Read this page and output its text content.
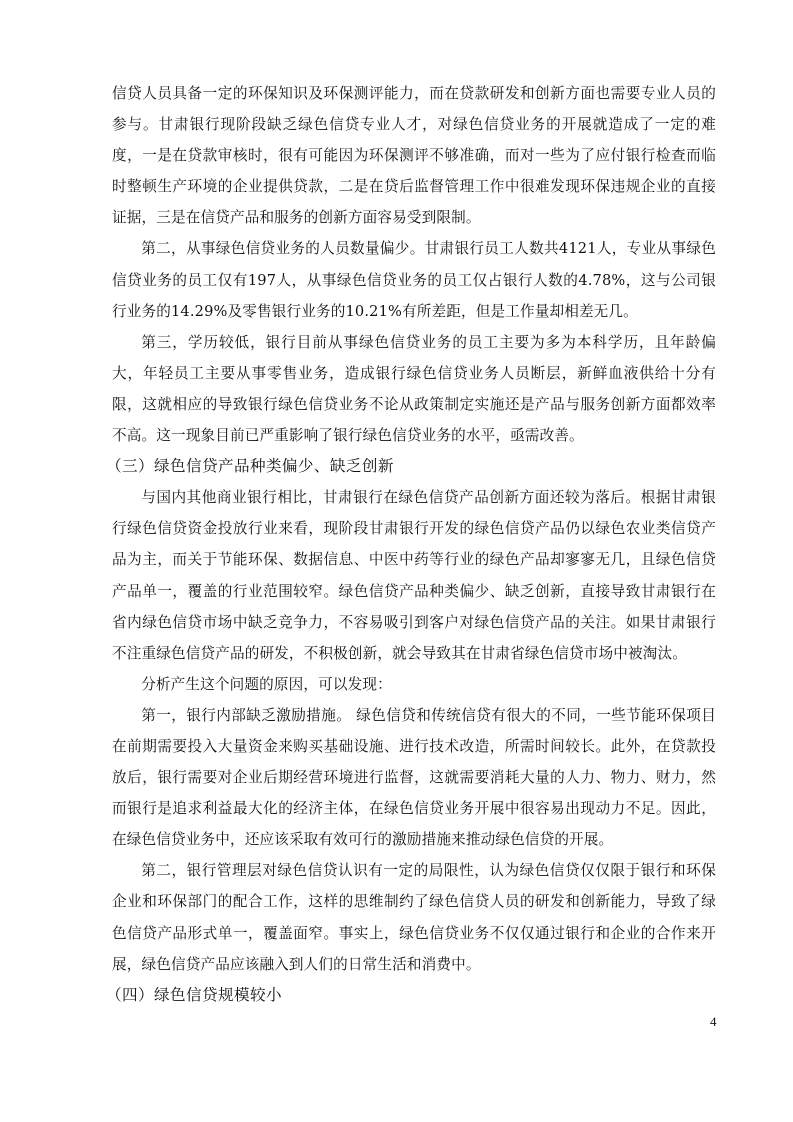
信贷人员具备一定的环保知识及环保测评能力，而在贷款研发和创新方面也需要专业人员的参与。甘肃银行现阶段缺乏绿色信贷专业人才，对绿色信贷业务的开展就造成了一定的难度，一是在贷款审核时，很有可能因为环保测评不够准确，而对一些为了应付银行检查而临时整顿生产环境的企业提供贷款，二是在贷后监督管理工作中很难发现环保违规企业的直接证据，三是在信贷产品和服务的创新方面容易受到限制。

第二，从事绿色信贷业务的人员数量偏少。甘肃银行员工人数共4121人，专业从事绿色信贷业务的员工仅有197人，从事绿色信贷业务的员工仅占银行人数的4.78%，这与公司银行业务的14.29%及零售银行业务的10.21%有所差距，但是工作量却相差无几。

第三，学历较低，银行目前从事绿色信贷业务的员工主要为多为本科学历，且年龄偏大，年轻员工主要从事零售业务，造成银行绿色信贷业务人员断层，新鲜血液供给十分有限，这就相应的导致银行绿色信贷业务不论从政策制定实施还是产品与服务创新方面都效率不高。这一现象目前已严重影响了银行绿色信贷业务的水平，亟需改善。

（三）绿色信贷产品种类偏少、缺乏创新

与国内其他商业银行相比，甘肃银行在绿色信贷产品创新方面还较为落后。根据甘肃银行绿色信贷资金投放行业来看，现阶段甘肃银行开发的绿色信贷产品仍以绿色农业类信贷产品为主，而关于节能环保、数据信息、中医中药等行业的绿色产品却寥寥无几，且绿色信贷产品单一，覆盖的行业范围较窄。绿色信贷产品种类偏少、缺乏创新，直接导致甘肃银行在省内绿色信贷市场中缺乏竞争力，不容易吸引到客户对绿色信贷产品的关注。如果甘肃银行不注重绿色信贷产品的研发，不积极创新，就会导致其在甘肃省绿色信贷市场中被淘汰。

分析产生这个问题的原因，可以发现：

第一，银行内部缺乏激励措施。 绿色信贷和传统信贷有很大的不同，一些节能环保项目在前期需要投入大量资金来购买基础设施、进行技术改造，所需时间较长。此外，在贷款投放后，银行需要对企业后期经营环境进行监督，这就需要消耗大量的人力、物力、财力，然而银行是追求利益最大化的经济主体，在绿色信贷业务开展中很容易出现动力不足。因此，在绿色信贷业务中，还应该采取有效可行的激励措施来推动绿色信贷的开展。

第二，银行管理层对绿色信贷认识有一定的局限性，认为绿色信贷仅仅限于银行和环保企业和环保部门的配合工作，这样的思维制约了绿色信贷人员的研发和创新能力，导致了绿色信贷产品形式单一，覆盖面窄。事实上，绿色信贷业务不仅仅通过银行和企业的合作来开展，绿色信贷产品应该融入到人们的日常生活和消费中。

（四）绿色信贷规模较小

4
